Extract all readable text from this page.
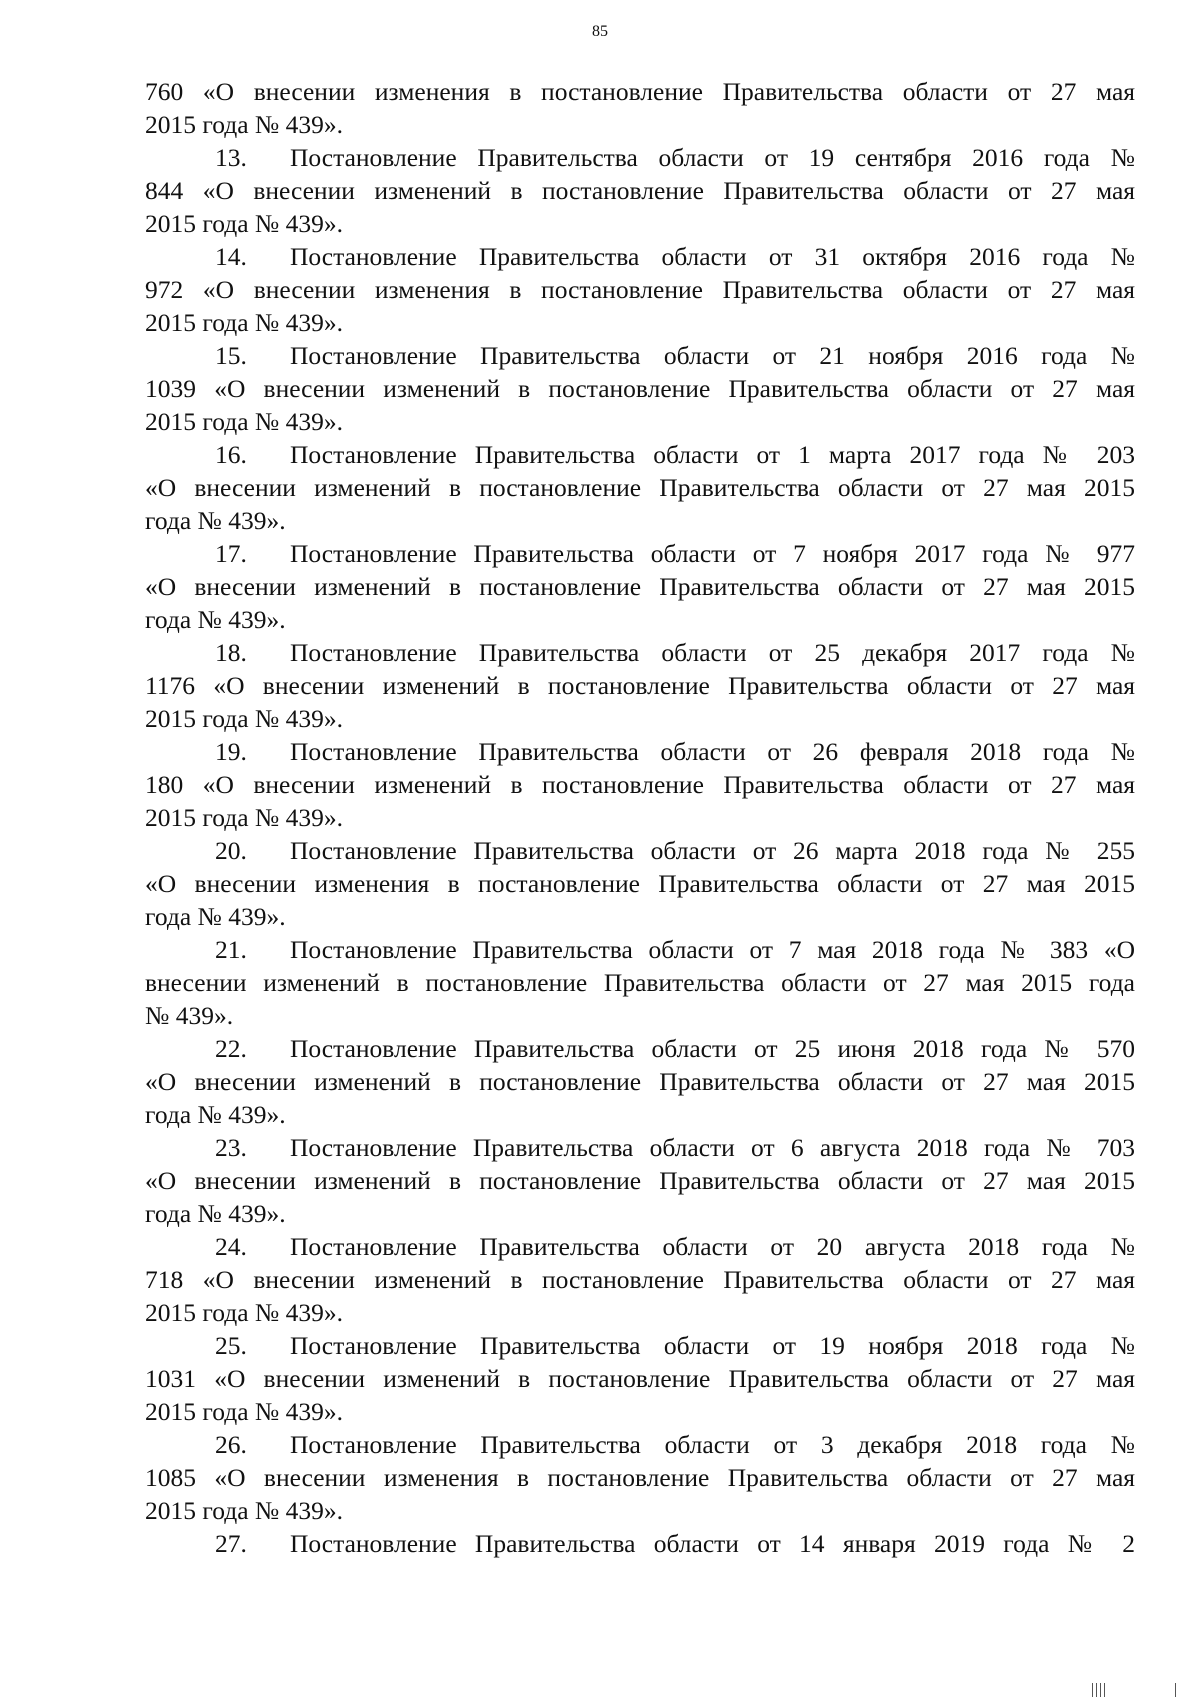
85
760 «О внесении изменения в постановление Правительства области от 27 мая
2015 года № 439».
13.	Постановление Правительства области от 19 сентября 2016 года №
844 «О внесении изменений в постановление Правительства области от 27 мая
2015 года № 439».
14.	Постановление Правительства области от 31 октября 2016 года №
972 «О внесении изменения в постановление Правительства области от 27 мая
2015 года № 439».
15.	Постановление Правительства области от 21 ноября 2016 года №
1039 «О внесении изменений в постановление Правительства области от 27 мая
2015 года № 439».
16.	Постановление Правительства области от 1 марта 2017 года № 203
«О внесении изменений в постановление Правительства области от 27 мая 2015
года № 439».
17.	Постановление Правительства области от 7 ноября 2017 года № 977
«О внесении изменений в постановление Правительства области от 27 мая 2015
года № 439».
18.	Постановление Правительства области от 25 декабря 2017 года №
1176 «О внесении изменений в постановление Правительства области от 27 мая
2015 года № 439».
19.	Постановление Правительства области от 26 февраля 2018 года №
180 «О внесении изменений в постановление Правительства области от 27 мая
2015 года № 439».
20.	Постановление Правительства области от 26 марта 2018 года № 255
«О внесении изменения в постановление Правительства области от 27 мая 2015
года № 439».
21.	Постановление Правительства области от 7 мая 2018 года № 383 «О
внесении изменений в постановление Правительства области от 27 мая 2015 года
№ 439».
22.	Постановление Правительства области от 25 июня 2018 года № 570
«О внесении изменений в постановление Правительства области от 27 мая 2015
года № 439».
23.	Постановление Правительства области от 6 августа 2018 года № 703
«О внесении изменений в постановление Правительства области от 27 мая 2015
года № 439».
24.	Постановление Правительства области от 20 августа 2018 года №
718 «О внесении изменений в постановление Правительства области от 27 мая
2015 года № 439».
25.	Постановление Правительства области от 19 ноября 2018 года №
1031 «О внесении изменений в постановление Правительства области от 27 мая
2015 года № 439».
26.	Постановление Правительства области от 3 декабря 2018 года №
1085 «О внесении изменения в постановление Правительства области от 27 мая
2015 года № 439».
27.	Постановление Правительства области от 14 января 2019 года № 2
